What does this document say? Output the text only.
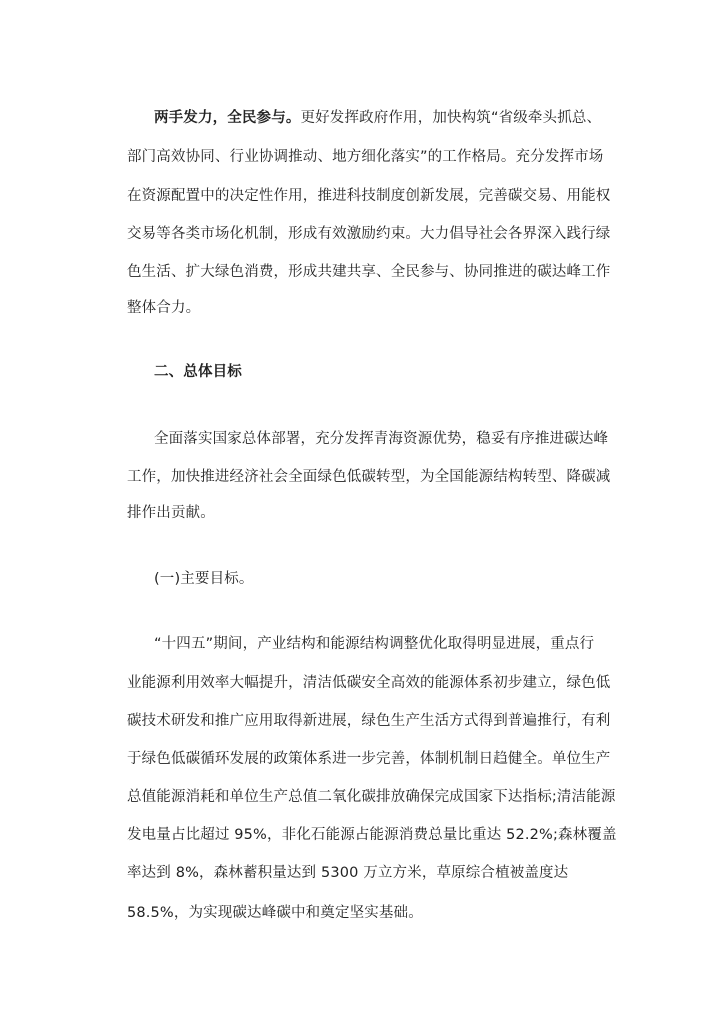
两手发力，全民参与。更好发挥政府作用，加快构筑“省级牵头抓总、
部门高效协同、行业协调推动、地方细化落实”的工作格局。充分发挥市场
在资源配置中的决定性作用，推进科技制度创新发展，完善碳交易、用能权
交易等各类市场化机制，形成有效激励约束。大力倡导社会各界深入践行绿
色生活、扩大绿色消费，形成共建共享、全民参与、协同推进的碳达峰工作
整体合力。
二、总体目标
全面落实国家总体部署，充分发挥青海资源优势，稳妥有序推进碳达峰
工作，加快推进经济社会全面绿色低碳转型，为全国能源结构转型、降碳减
排作出贡献。
(一)主要目标。
“十四五”期间，产业结构和能源结构调整优化取得明显进展，重点行
业能源利用效率大幅提升，清洁低碳安全高效的能源体系初步建立，绿色低
碳技术研发和推广应用取得新进展，绿色生产生活方式得到普遍推行，有利
于绿色低碳循环发展的政策体系进一步完善，体制机制日趋健全。单位生产
总值能源消耗和单位生产总值二氧化碳排放确保完成国家下达指标;清洁能源
发电量占比超过 95%，非化石能源占能源消费总量比重达 52.2%;森林覆盖
率达到 8%，森林蓄积量达到 5300 万立方米，草原综合植被盖度达
58.5%，为实现碳达峰碳中和奠定坚实基础。
